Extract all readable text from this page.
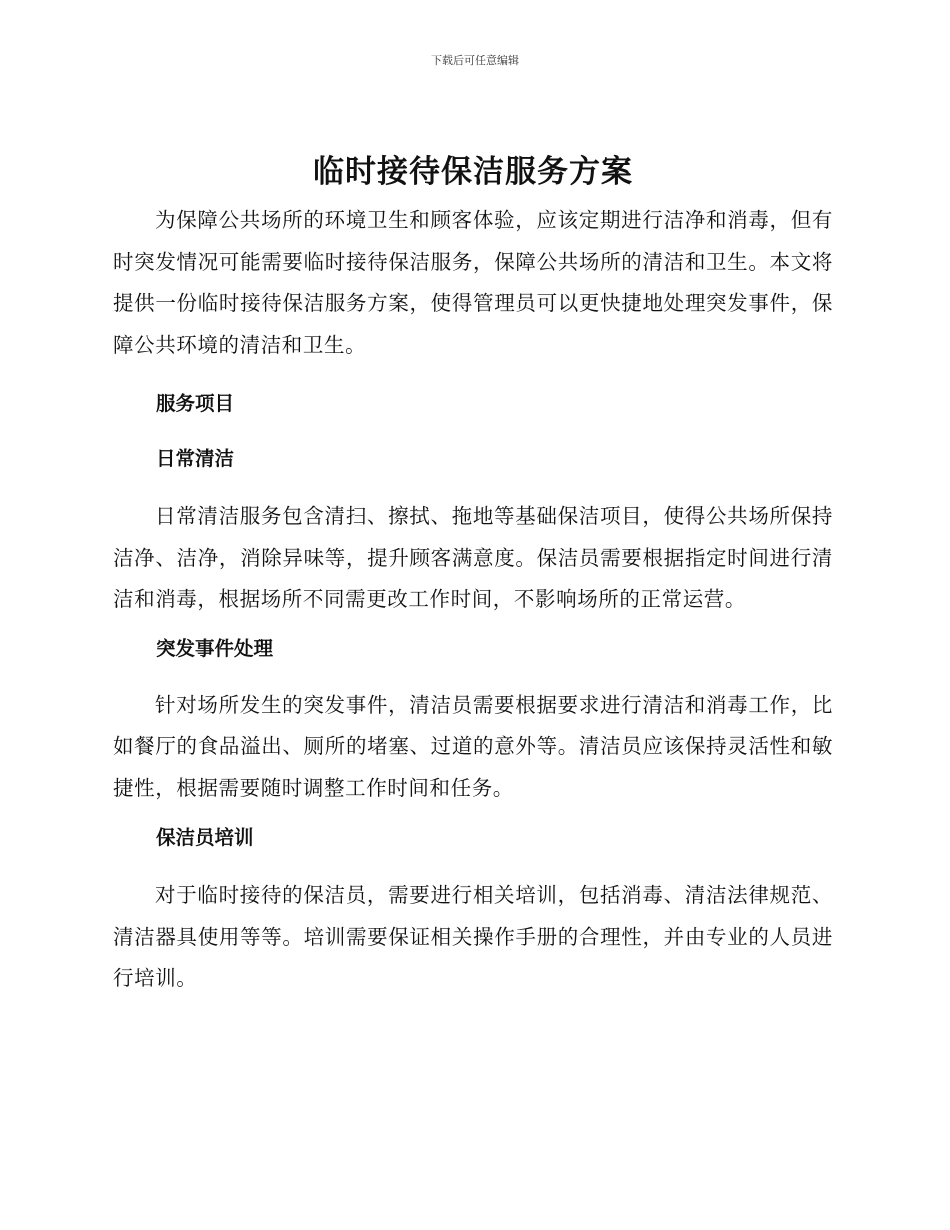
下载后可任意编辑
临时接待保洁服务方案

为保障公共场所的环境卫生和顾客体验，应该定期进行洁净和消毒，但有时突发情况可能需要临时接待保洁服务，保障公共场所的清洁和卫生。本文将提供一份临时接待保洁服务方案，使得管理员可以更快捷地处理突发事件，保障公共环境的清洁和卫生。

服务项目
日常清洁

日常清洁服务包含清扫、擦拭、拖地等基础保洁项目，使得公共场所保持洁净、洁净，消除异味等，提升顾客满意度。保洁员需要根据指定时间进行清洁和消毒，根据场所不同需更改工作时间，不影响场所的正常运营。

突发事件处理

针对场所发生的突发事件，清洁员需要根据要求进行清洁和消毒工作，比如餐厅的食品溢出、厕所的堵塞、过道的意外等。清洁员应该保持灵活性和敏捷性，根据需要随时调整工作时间和任务。

保洁员培训

对于临时接待的保洁员，需要进行相关培训，包括消毒、清洁法律规范、清洁器具使用等等。培训需要保证相关操作手册的合理性，并由专业的人员进行培训。
